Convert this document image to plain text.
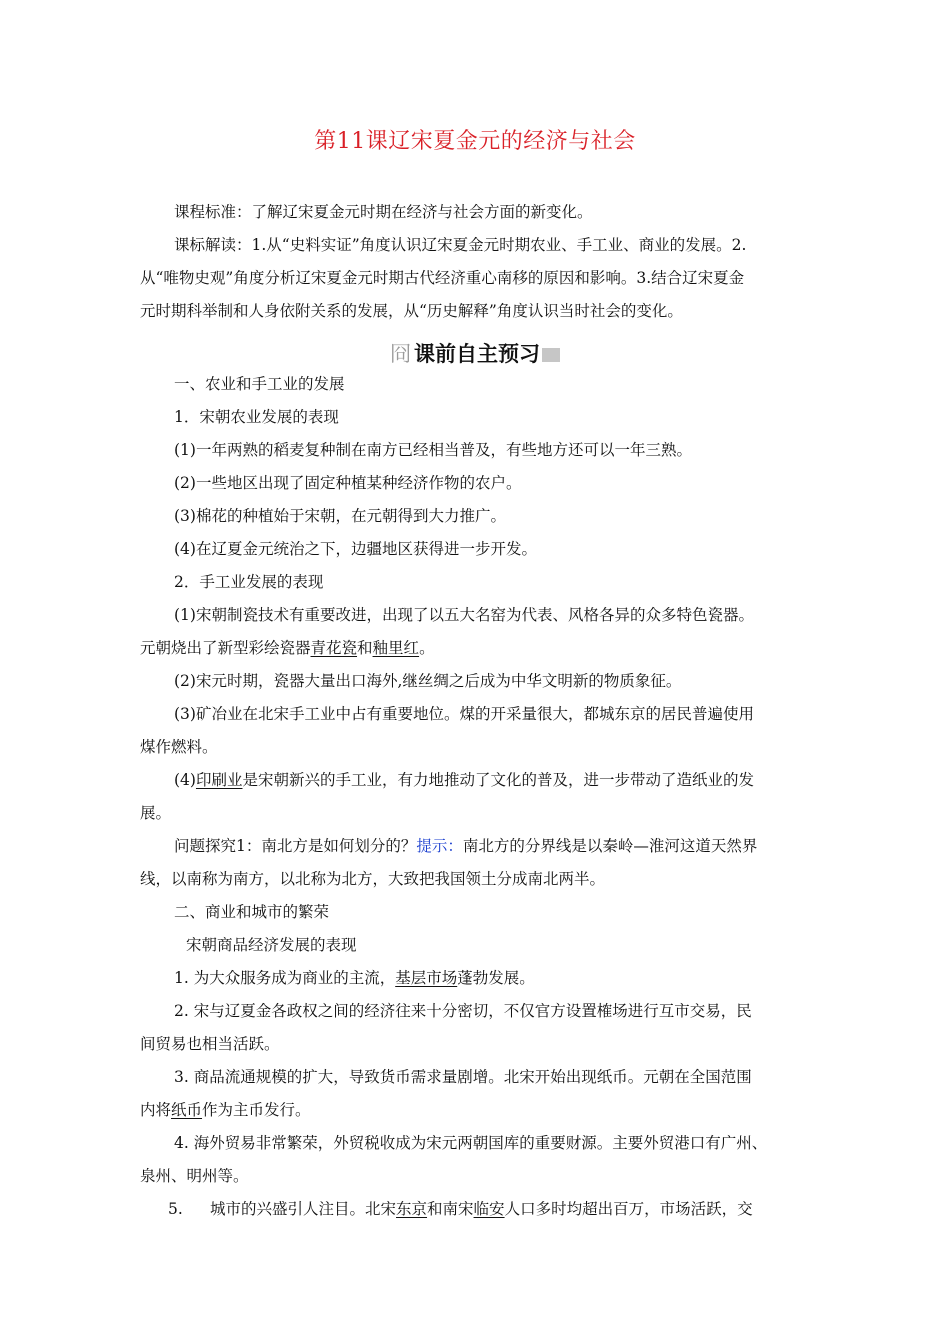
第11课辽宋夏金元的经济与社会
课程标准：了解辽宋夏金元时期在经济与社会方面的新变化。
课标解读：1.从“史料实证”角度认识辽宋夏金元时期农业、手工业、商业的发展。2.
从“唯物史观”角度分析辽宋夏金元时期古代经济重心南移的原因和影响。3.结合辽宋夏金
元时期科举制和人身依附关系的发展，从“历史解释”角度认识当时社会的变化。
冏 课前自主预习
一、农业和手工业的发展
1．宋朝农业发展的表现
(1)一年两熟的稻麦复种制在南方已经相当普及，有些地方还可以一年三熟。
(2)一些地区出现了固定种植某种经济作物的农户。
(3)棉花的种植始于宋朝，在元朝得到大力推广。
(4)在辽夏金元统治之下，边疆地区获得进一步开发。
2．手工业发展的表现
(1)宋朝制瓷技术有重要改进，出现了以五大名窑为代表、风格各异的众多特色瓷器。
元朝烧出了新型彩绘瓷器青花瓷和釉里红。
(2)宋元时期，瓷器大量出口海外,继丝绸之后成为中华文明新的物质象征。
(3)矿冶业在北宋手工业中占有重要地位。煤的开采量很大，都城东京的居民普遍使用
煤作燃料。
(4)印刷业是宋朝新兴的手工业，有力地推动了文化的普及，进一步带动了造纸业的发
展。
问题探究1：南北方是如何划分的？提示：南北方的分界线是以秦岭—淮河这道天然界
线，以南称为南方，以北称为北方，大致把我国领土分成南北两半。
二、商业和城市的繁荣
宋朝商品经济发展的表现
1. 为大众服务成为商业的主流，基层市场蓬勃发展。
2. 宋与辽夏金各政权之间的经济往来十分密切，不仅官方设置榷场进行互市交易，民
间贸易也相当活跃。
3. 商品流通规模的扩大，导致货币需求量剧增。北宋开始出现纸币。元朝在全国范围
内将纸币作为主币发行。
4. 海外贸易非常繁荣，外贸税收成为宋元两朝国库的重要财源。主要外贸港口有广州、
泉州、明州等。
5. 城市的兴盛引人注目。北宋东京和南宋临安人口多时均超出百万，市场活跃，交
